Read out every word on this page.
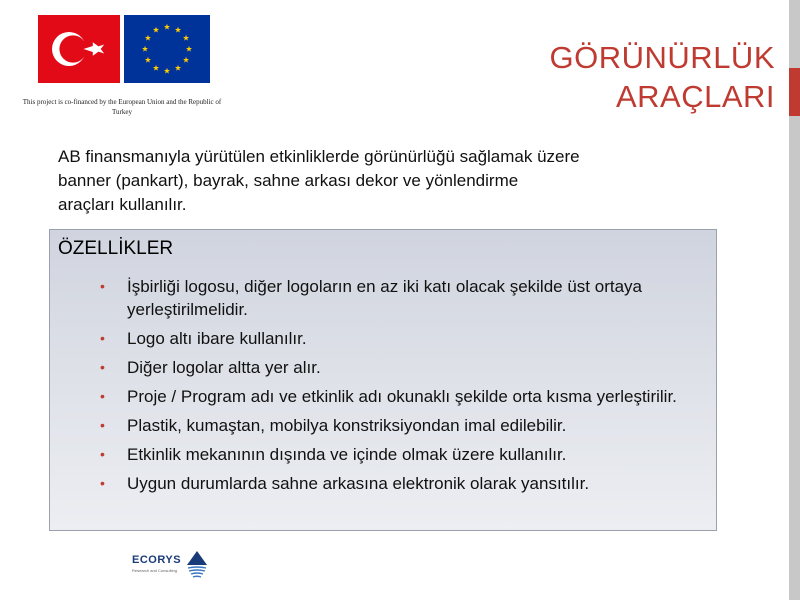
This project is co-financed by the European Union and the Republic of Turkey
GÖRÜNÜRLÜK
ARAÇLARI
AB finansmanıyla yürütülen etkinliklerde görünürlüğü sağlamak üzere
banner (pankart), bayrak, sahne arkası dekor ve yönlendirme
araçları kullanılır.
ÖZELLİKLER
• İşbirliği logosu, diğer logoların en az iki katı olacak şekilde üst ortaya yerleştirilmelidir.
• Logo altı ibare kullanılır.
• Diğer logolar altta yer alır.
• Proje / Program adı ve etkinlik adı okunaklı şekilde orta kısma yerleştirilir.
• Plastik, kumaştan, mobilya konstriksiyondan imal edilebilir.
• Etkinlik mekanının dışında ve içinde olmak üzere kullanılır.
• Uygun durumlarda sahne arkasına elektronik olarak yansıtılır.
ECORYS
Research and Consulting
